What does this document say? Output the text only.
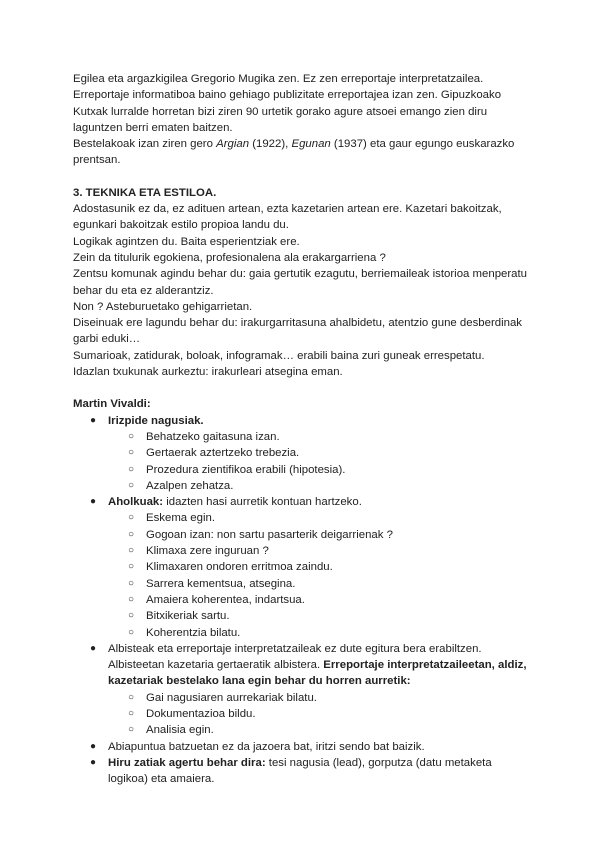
Egilea eta argazkigilea Gregorio Mugika zen. Ez zen erreportaje interpretatzailea. Erreportaje informatiboa baino gehiago publizitate erreportajea izan zen. Gipuzkoako Kutxak lurralde horretan bizi ziren 90 urtetik gorako agure atsoei emango zien diru laguntzen berri ematen baitzen.

Bestelakoak izan ziren gero Argian (1922), Egunan (1937) eta gaur egungo euskarazko prentsan.

3. TEKNIKA ETA ESTILOA.

Adostasunik ez da, ez adituen artean, ezta kazetarien artean ere. Kazetari bakoitzak, egunkari bakoitzak estilo propioa landu du.

Logikak agintzen du. Baita esperientziak ere.

Zein da titulurik egokiena, profesionalena ala erakargarriena ?

Zentsu komunak agindu behar du: gaia gertutik ezagutu, berriemaileak istorioa menperatu behar du eta ez alderantziz.

Non ? Asteburuetako gehigarrietan.

Diseinuak ere lagundu behar du: irakurgarritasuna ahalbidetu, atentzio gune desberdinak garbi eduki…

Sumarioak, zatidurak, boloak, infogramak… erabili baina zuri guneak errespetatu.

Idazlan txukunak aurkeztu: irakurleari atsegina eman.

Martin Vivaldi:

● Irizpide nagusiak.
○ Behatzeko gaitasuna izan.
○ Gertaerak aztertzeko trebezia.
○ Prozedura zientifikoa erabili (hipotesia).
○ Azalpen zehatza.
● Aholkuak: idazten hasi aurretik kontuan hartzeko.
○ Eskema egin.
○ Gogoan izan: non sartu pasarterik deigarrienak ?
○ Klimaxa zere inguruan ?
○ Klimaxaren ondoren erritmoa zaindu.
○ Sarrera kementsua, atsegina.
○ Amaiera koherentea, indartsua.
○ Bitxikeriak sartu.
○ Koherentzia bilatu.
● Albisteak eta erreportaje interpretatzaileak ez dute egitura bera erabiltzen. Albisteetan kazetaria gertaeratik albistera. Erreportaje interpretatzaileetan, aldiz, kazetariak bestelako lana egin behar du horren aurretik:
○ Gai nagusiaren aurrekariak bilatu.
○ Dokumentazioa bildu.
○ Analisia egin.
● Abiapuntua batzuetan ez da jazoera bat, iritzi sendo bat baizik.
● Hiru zatiak agertu behar dira: tesi nagusia (lead), gorputza (datu metaketa logikoa) eta amaiera.
